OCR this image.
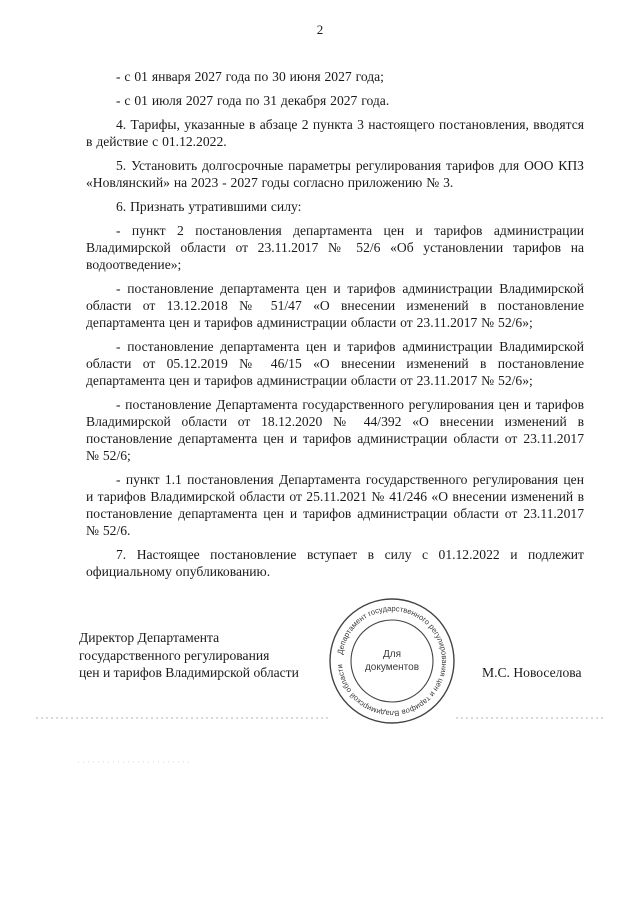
2

- с 01 января 2027 года по 30 июня 2027 года;

- с 01 июля 2027 года по 31 декабря 2027 года.

4. Тарифы, указанные в абзаце 2 пункта 3 настоящего постановления, вводятся в действие с 01.12.2022.

5. Установить долгосрочные параметры регулирования тарифов для ООО КПЗ «Новлянский» на 2023 - 2027 годы согласно приложению № 3.

6. Признать утратившими силу:

- пункт 2 постановления департамента цен и тарифов администрации Владимирской области от 23.11.2017 № 52/6 «Об установлении тарифов на водоотведение»;

- постановление департамента цен и тарифов администрации Владимирской области от 13.12.2018 № 51/47 «О внесении изменений в постановление департамента цен и тарифов администрации области от 23.11.2017 № 52/6»;

- постановление департамента цен и тарифов администрации Владимирской области от 05.12.2019 № 46/15 «О внесении изменений в постановление департамента цен и тарифов администрации области от 23.11.2017 № 52/6»;

- постановление Департамента государственного регулирования цен и тарифов Владимирской области от 18.12.2020 № 44/392 «О внесении изменений в постановление департамента цен и тарифов администрации области от 23.11.2017 № 52/6;

- пункт 1.1 постановления Департамента государственного регулирования цен и тарифов Владимирской области от 25.11.2021 № 41/246 «О внесении изменений в постановление департамента цен и тарифов администрации области от 23.11.2017 № 52/6.

7. Настоящее постановление вступает в силу с 01.12.2022 и подлежит официальному опубликованию.

Директор Департамента
государственного регулирования
цен и тарифов Владимирской области
Департамент государственного регулирования цен и тарифов Владимирской области
Для
документов	М.С. Новоселова
